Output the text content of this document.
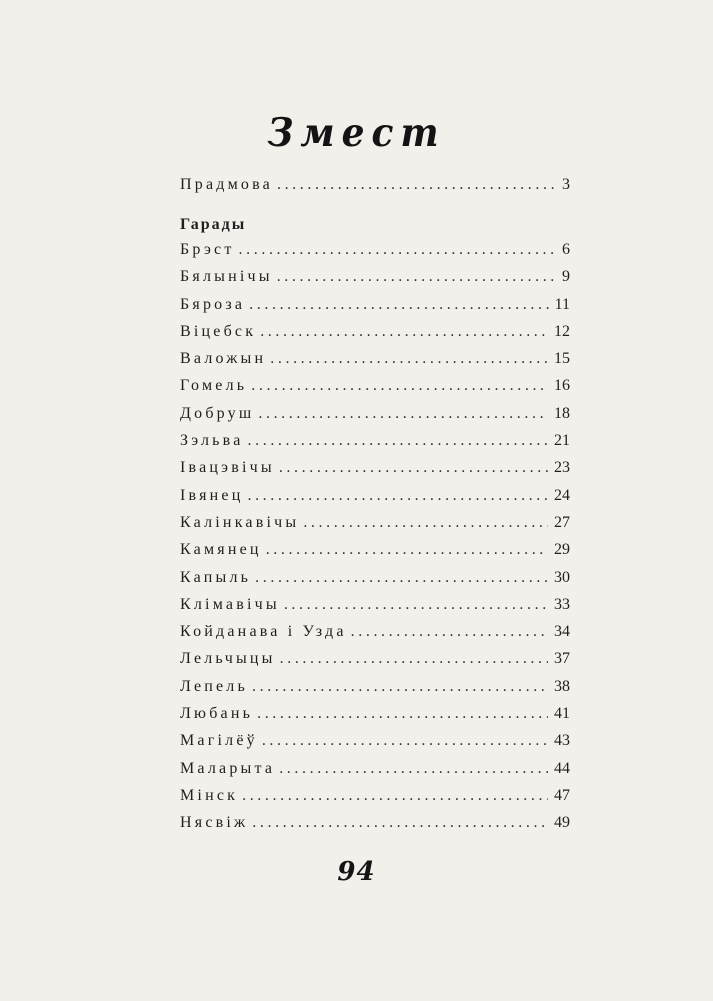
Змест
Прадмова . . .	3
Гарады
Брэст . . .	6
Бялынічы . . .	9
Бяроза . . .	11
Віцебск . . .	12
Валожын . . .	15
Гомель . . .	16
Добруш . . .	18
Зэльва . . .	21
Івацэвічы . . .	23
Івянец . . .	24
Калінкавічы . . .	27
Камянец . . .	29
Капыль . . .	30
Клімавічы . . .	33
Койданава і Узда . . .	34
Лельчыцы . . .	37
Лепель . . .	38
Любань . . .	41
Магілёў . . .	43
Маларыта . . .	44
Мінск . . .	47
Нясвіж . . .	49
94
